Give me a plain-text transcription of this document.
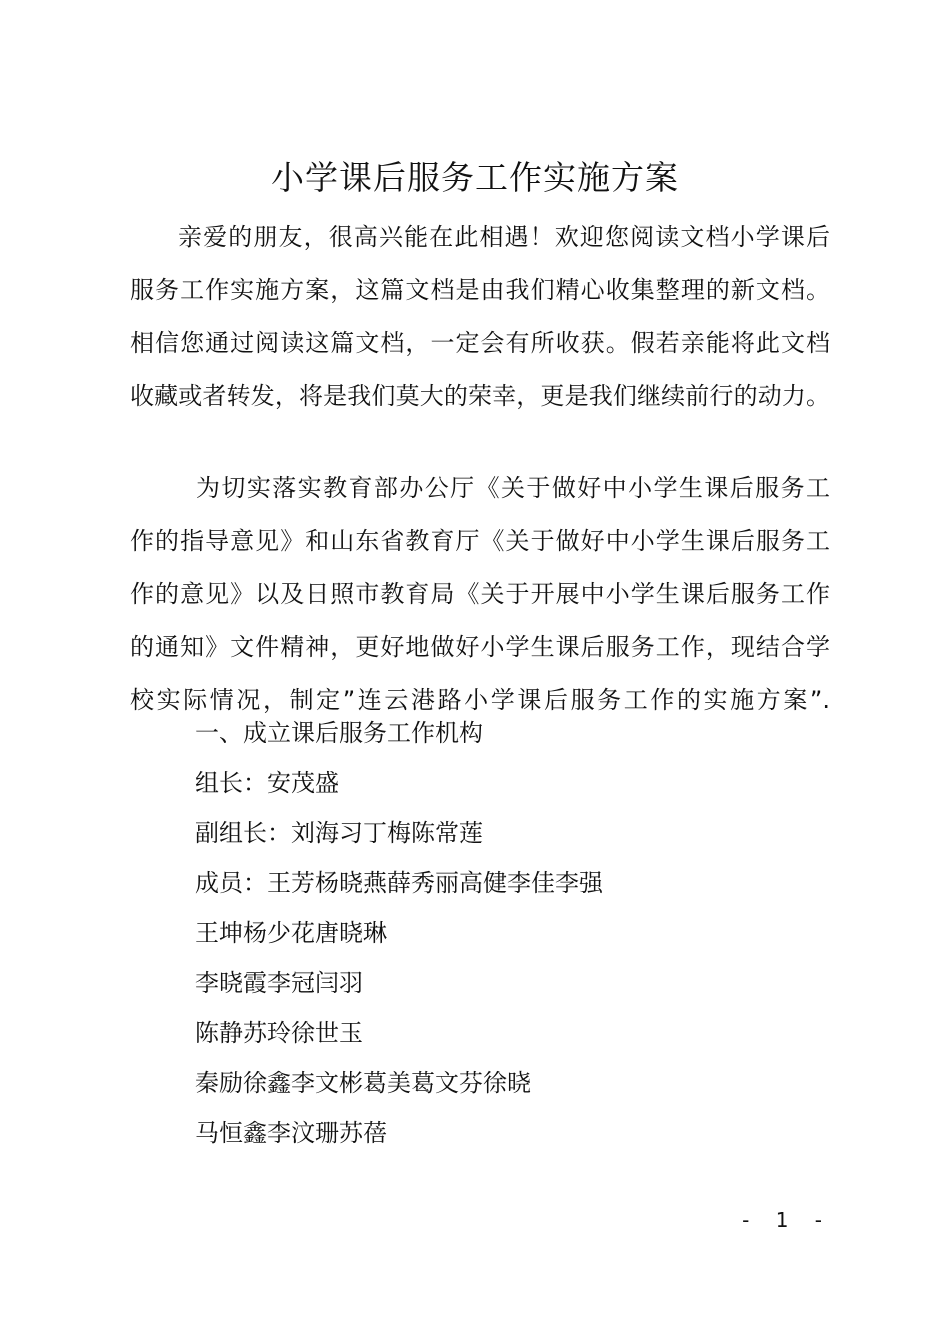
小学课后服务工作实施方案
亲爱的朋友，很高兴能在此相遇！欢迎您阅读文档小学课后
服务工作实施方案，这篇文档是由我们精心收集整理的新文档。
相信您通过阅读这篇文档，一定会有所收获。假若亲能将此文档
收藏或者转发，将是我们莫大的荣幸，更是我们继续前行的动力。
为切实落实教育部办公厅《关于做好中小学生课后服务工
作的指导意见》和山东省教育厅《关于做好中小学生课后服务工
作的意见》以及日照市教育局《关于开展中小学生课后服务工作
的通知》文件精神，更好地做好小学生课后服务工作，现结合学
校实际情况，制定”连云港路小学课后服务工作的实施方案”.
一、成立课后服务工作机构
组长：安茂盛
副组长：刘海习丁梅陈常莲
成员：王芳杨晓燕薛秀丽高健李佳李强
王坤杨少花唐晓琳
李晓霞李冠闫羽
陈静苏玲徐世玉
秦励徐鑫李文彬葛美葛文芬徐晓
马恒鑫李汶珊苏蓓
- 1 -
